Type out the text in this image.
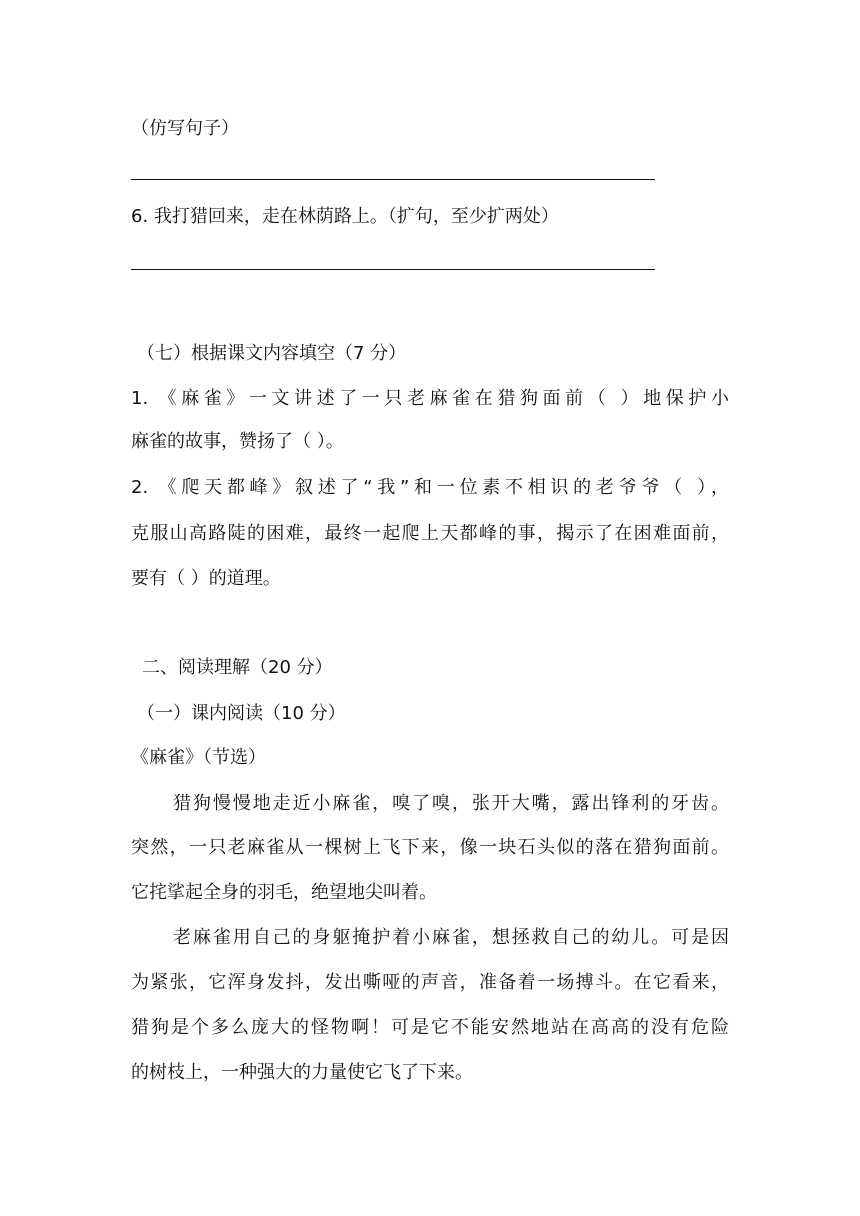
（仿写句子）
6. 我打猎回来，走在林荫路上。（扩句，至少扩两处）
（七）根据课文内容填空（7 分）
1. 《麻雀》一文讲述了一只老麻雀在猎狗面前（ ）地保护小
麻雀的故事，赞扬了（ ）。
2. 《爬天都峰》叙述了“我”和一位素不相识的老爷爷（ ），
克服山高路陡的困难，最终一起爬上天都峰的事，揭示了在困难面前，
要有（ ）的道理。
二、阅读理解（20 分）
（一）课内阅读（10 分）
《麻雀》（节选）
猎狗慢慢地走近小麻雀，嗅了嗅，张开大嘴，露出锋利的牙齿。
突然，一只老麻雀从一棵树上飞下来，像一块石头似的落在猎狗面前。
它挓挲起全身的羽毛，绝望地尖叫着。
老麻雀用自己的身躯掩护着小麻雀，想拯救自己的幼儿。可是因
为紧张，它浑身发抖，发出嘶哑的声音，准备着一场搏斗。在它看来，
猎狗是个多么庞大的怪物啊！可是它不能安然地站在高高的没有危险
的树枝上，一种强大的力量使它飞了下来。
